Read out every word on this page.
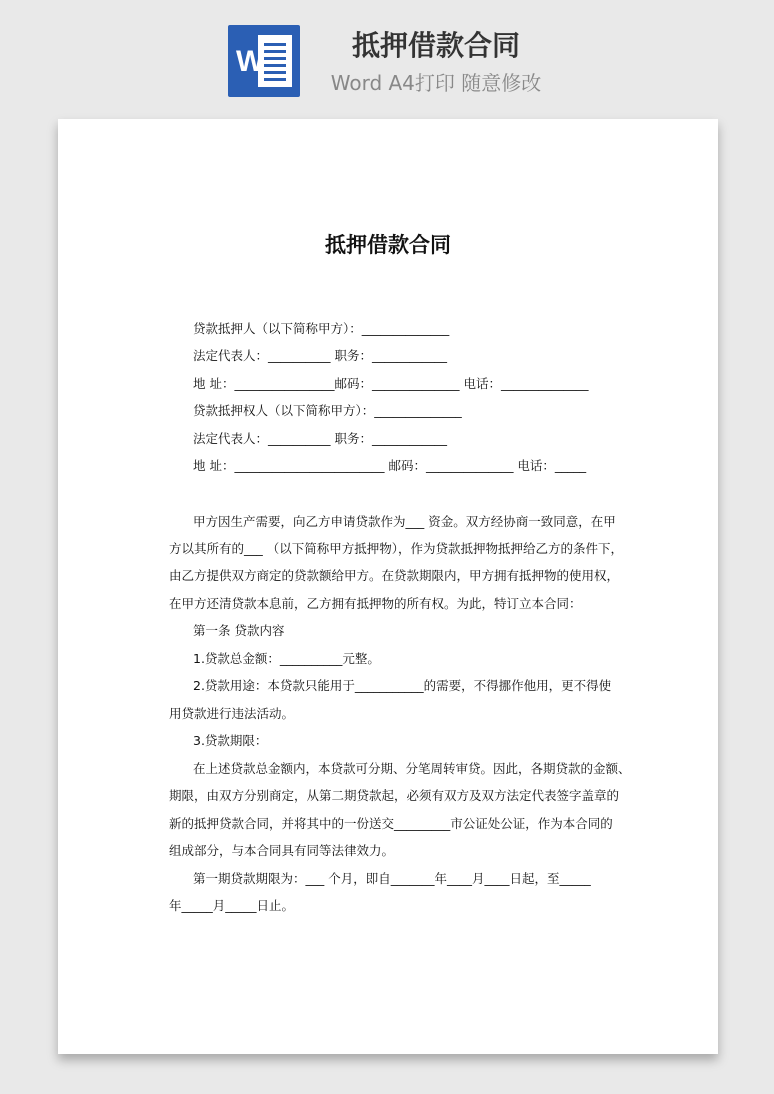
W	抵押借款合同
Word A4打印 随意修改
抵押借款合同
贷款抵押人（以下简称甲方）：______________
法定代表人：__________ 职务：____________
地 址：________________邮码：______________ 电话：______________
贷款抵押权人（以下简称甲方）：______________
法定代表人：__________ 职务：____________
地 址：________________________ 邮码：______________ 电话：_____
甲方因生产需要，向乙方申请贷款作为___ 资金。双方经协商一致同意，在甲
方以其所有的___ （以下简称甲方抵押物），作为贷款抵押物抵押给乙方的条件下，
由乙方提供双方商定的贷款额给甲方。在贷款期限内，甲方拥有抵押物的使用权，
在甲方还清贷款本息前，乙方拥有抵押物的所有权。为此，特订立本合同：
第一条 贷款内容
1.贷款总金额：__________元整。
2.贷款用途：本贷款只能用于___________的需要，不得挪作他用，更不得使
用贷款进行违法活动。
3.贷款期限：
在上述贷款总金额内，本贷款可分期、分笔周转审贷。因此，各期贷款的金额、
期限，由双方分别商定，从第二期贷款起，必须有双方及双方法定代表签字盖章的
新的抵押贷款合同，并将其中的一份送交_________市公证处公证，作为本合同的
组成部分，与本合同具有同等法律效力。
第一期贷款期限为：___ 个月，即自_______年____月____日起，至_____
年_____月_____日止。
